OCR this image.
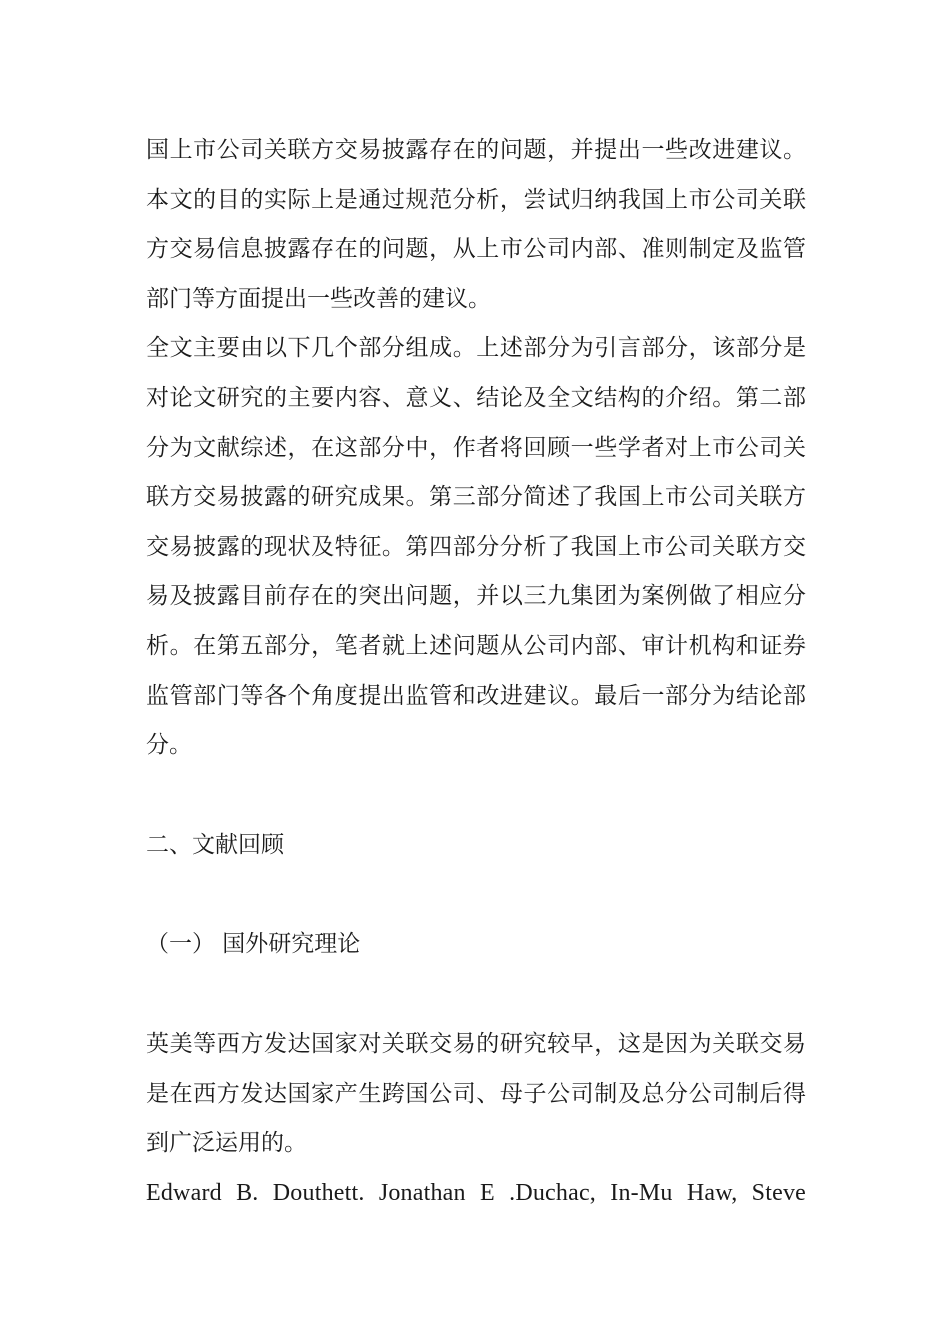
国上市公司关联方交易披露存在的问题，并提出一些改进建议。本文的目的实际上是通过规范分析，尝试归纳我国上市公司关联方交易信息披露存在的问题，从上市公司内部、准则制定及监管部门等方面提出一些改善的建议。

全文主要由以下几个部分组成。上述部分为引言部分，该部分是对论文研究的主要内容、意义、结论及全文结构的介绍。第二部分为文献综述，在这部分中，作者将回顾一些学者对上市公司关联方交易披露的研究成果。第三部分简述了我国上市公司关联方交易披露的现状及特征。第四部分分析了我国上市公司关联方交易及披露目前存在的突出问题，并以三九集团为案例做了相应分析。在第五部分，笔者就上述问题从公司内部、审计机构和证券监管部门等各个角度提出监管和改进建议。最后一部分为结论部分。

二、文献回顾

（一） 国外研究理论

英美等西方发达国家对关联交易的研究较早，这是因为关联交易是在西方发达国家产生跨国公司、母子公司制及总分公司制后得到广泛运用的。

Edward B. Douthett. Jonathan E .Duchac, In-Mu Haw, Steve
